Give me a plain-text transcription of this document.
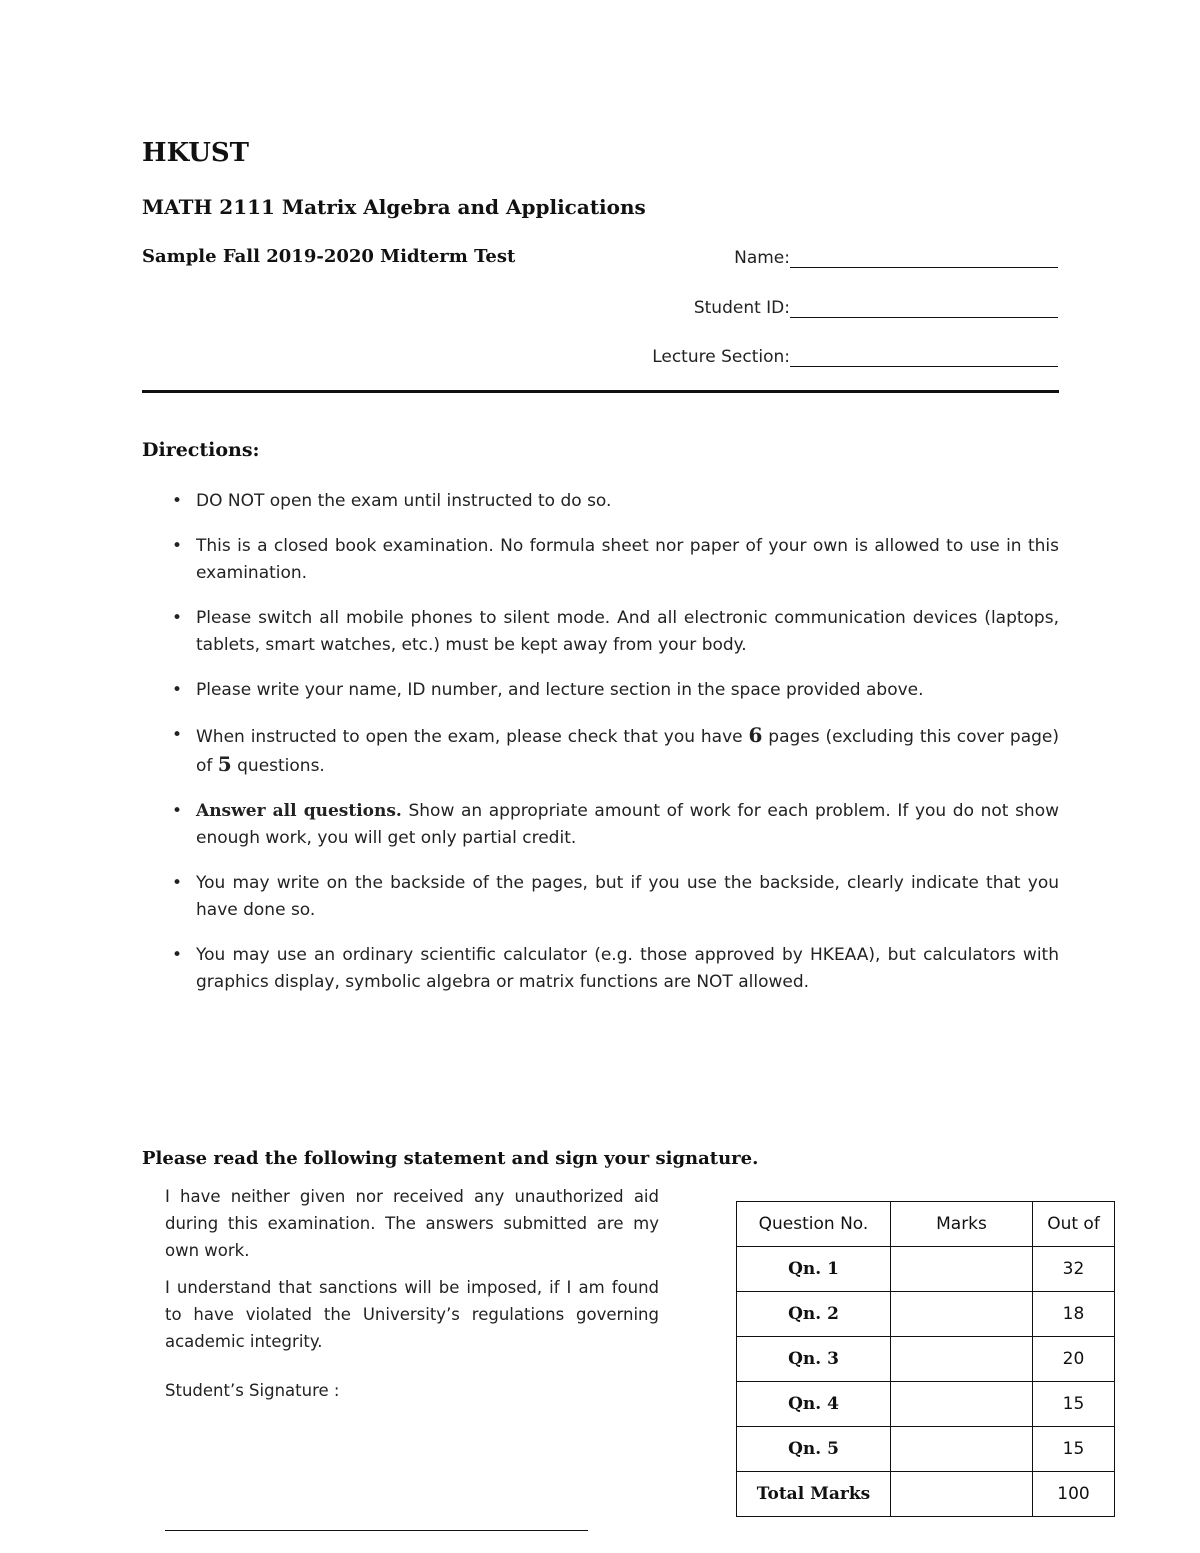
HKUST
MATH 2111 Matrix Algebra and Applications
Sample Fall 2019-2020 Midterm Test	Name:
Student ID:
Lecture Section:
Directions:
• DO NOT open the exam until instructed to do so.
• This is a closed book examination. No formula sheet nor paper of your own is allowed to use in this examination.
• Please switch all mobile phones to silent mode. And all electronic communication devices (laptops, tablets, smart watches, etc.) must be kept away from your body.
• Please write your name, ID number, and lecture section in the space provided above.
• When instructed to open the exam, please check that you have 6 pages (excluding this cover page) of 5 questions.
• Answer all questions. Show an appropriate amount of work for each problem. If you do not show enough work, you will get only partial credit.
• You may write on the backside of the pages, but if you use the backside, clearly indicate that you have done so.
• You may use an ordinary scientific calculator (e.g. those approved by HKEAA), but calculators with graphics display, symbolic algebra or matrix functions are NOT allowed.
Please read the following statement and sign your signature.

I have neither given nor received any unauthorized aid during this examination. The answers submitted are my own work.

I understand that sanctions will be imposed, if I am found to have violated the University’s regulations governing academic integrity.

Student’s Signature :

Question No.	Marks	Out of
Qn. 1		32
Qn. 2		18
Qn. 3		20
Qn. 4		15
Qn. 5		15
Total Marks		100
